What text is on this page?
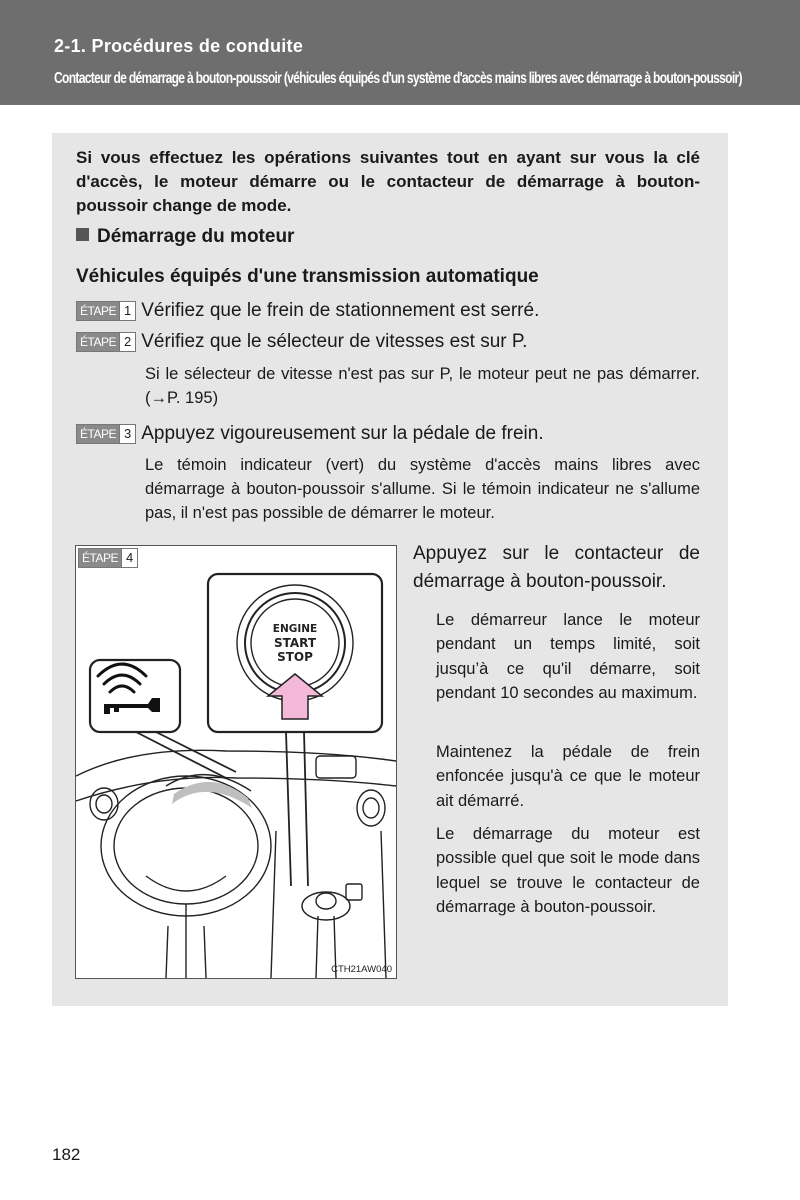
2-1. Procédures de conduite
Contacteur de démarrage à bouton-poussoir (véhicules équipés d'un système d'accès mains libres avec démarrage à bouton-poussoir)
Si vous effectuez les opérations suivantes tout en ayant sur vous la clé d'accès, le moteur démarre ou le contacteur de démarrage à bouton-poussoir change de mode.
Démarrage du moteur
Véhicules équipés d'une transmission automatique
ÉTAPE 1 Vérifiez que le frein de stationnement est serré.
ÉTAPE 2 Vérifiez que le sélecteur de vitesses est sur P.
Si le sélecteur de vitesse n'est pas sur P, le moteur peut ne pas démarrer. (→P. 195)
ÉTAPE 3 Appuyez vigoureusement sur la pédale de frein.
Le témoin indicateur (vert) du système d'accès mains libres avec démarrage à bouton-poussoir s'allume. Si le témoin indicateur ne s'allume pas, il n'est pas possible de démarrer le moteur.
ÉTAPE 4
ENGINE
START
STOP
CTH21AW040
Appuyez sur le contacteur de démarrage à bouton-poussoir.
Le démarreur lance le moteur pendant un temps limité, soit jusqu’à ce qu'il démarre, soit pendant 10 secondes au maximum.
Maintenez la pédale de frein enfoncée jusqu'à ce que le moteur ait démarré.
Le démarrage du moteur est possible quel que soit le mode dans lequel se trouve le contacteur de démarrage à bouton-poussoir.
182
